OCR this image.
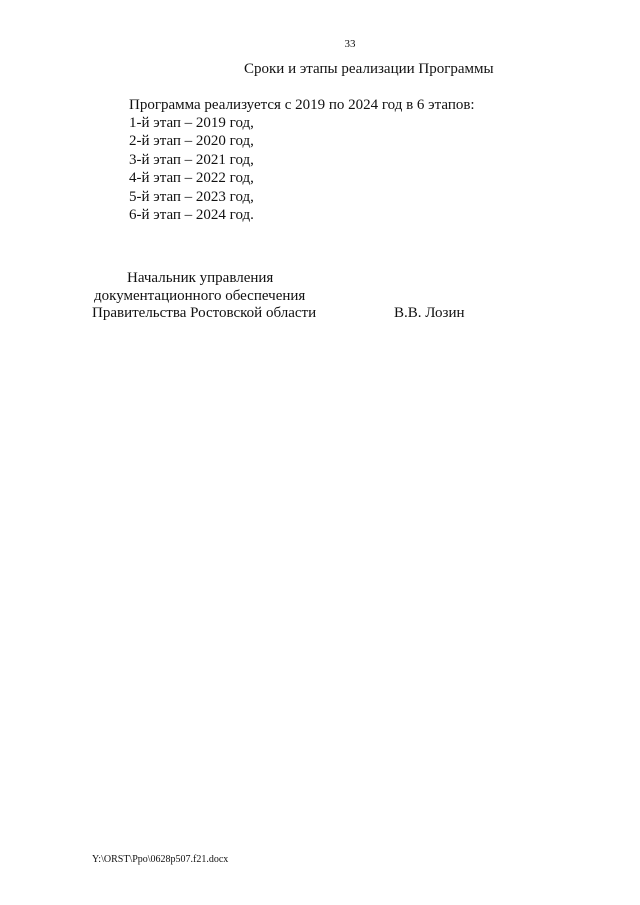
33
Сроки и этапы реализации Программы
Программа реализуется с 2019 по 2024 год в 6 этапов:
1-й этап – 2019 год,
2-й этап – 2020 год,
3-й этап – 2021 год,
4-й этап – 2022 год,
5-й этап – 2023 год,
6-й этап – 2024 год.
Начальник управления
документационного обеспечения
Правительства Ростовской области	В.В. Лозин
Y:\ORST\Ppo\0628p507.f21.docx
